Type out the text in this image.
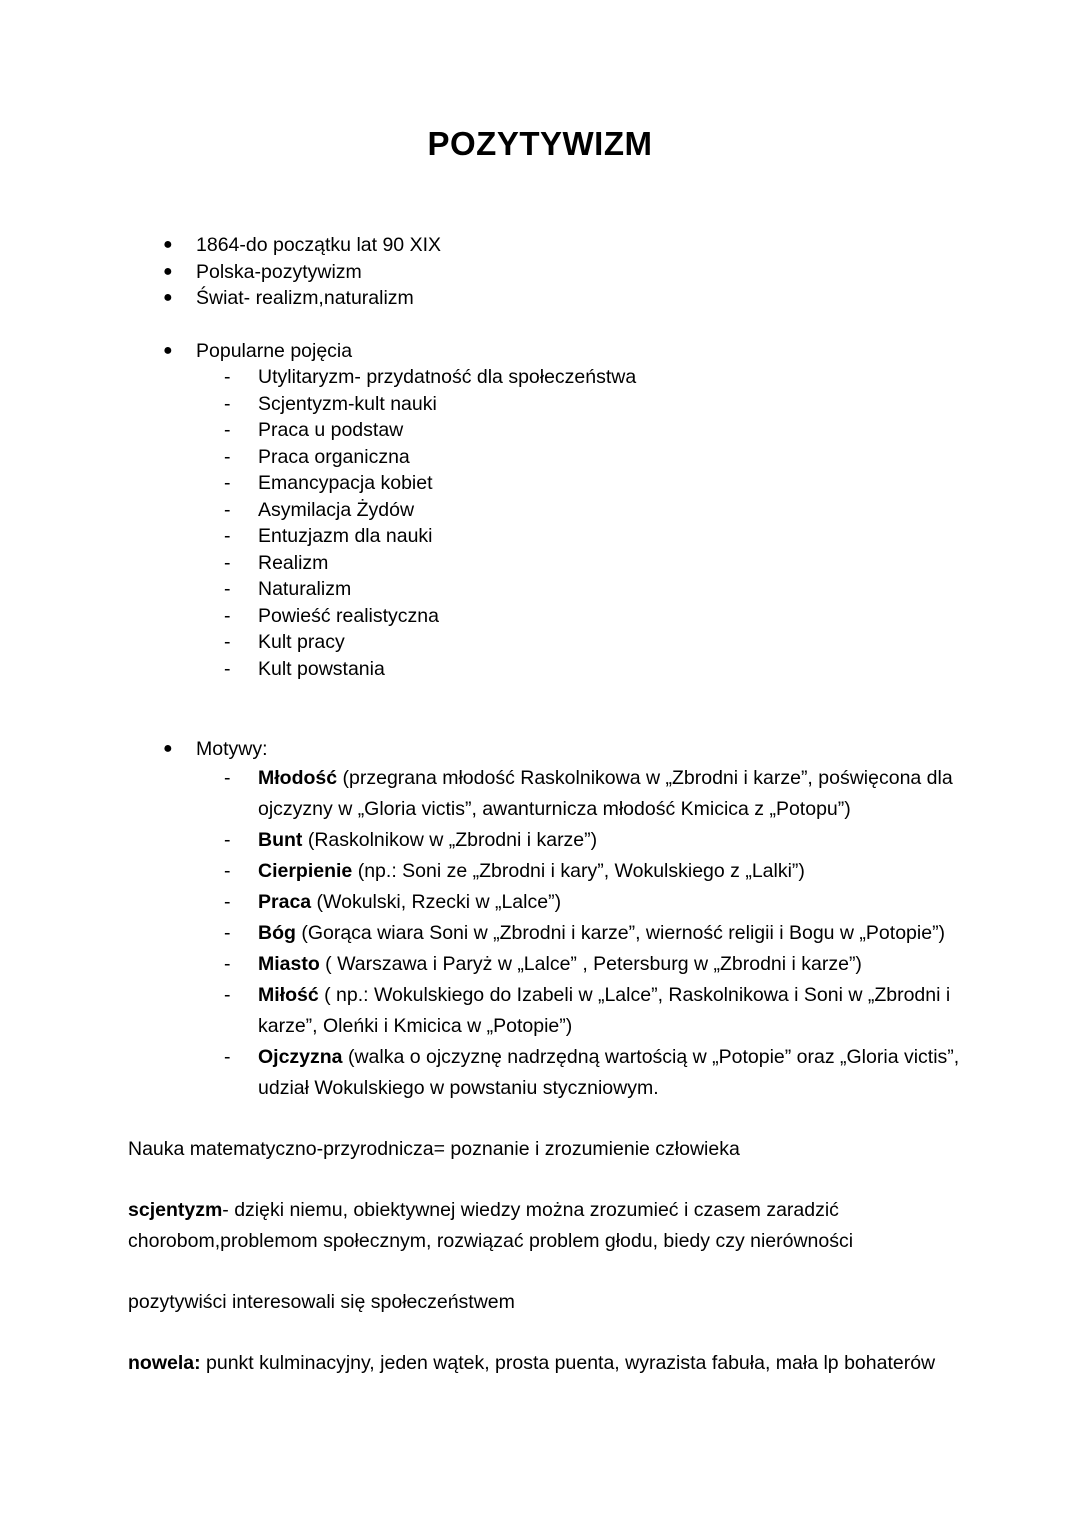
POZYTYWIZM
● 1864-do początku lat 90 XIX
● Polska-pozytywizm
● Świat- realizm,naturalizm
● Popularne pojęcia
- Utylitaryzm- przydatność dla społeczeństwa
- Scjentyzm-kult nauki
- Praca u podstaw
- Praca organiczna
- Emancypacja kobiet
- Asymilacja Żydów
- Entuzjazm dla nauki
- Realizm
- Naturalizm
- Powieść realistyczna
- Kult pracy
- Kult powstania
● Motywy:
- Młodość (przegrana młodość Raskolnikowa w „Zbrodni i karze”, poświęcona dla ojczyzny w „Gloria victis”, awanturnicza młodość Kmicica z „Potopu”)
- Bunt (Raskolnikow w „Zbrodni i karze”)
- Cierpienie (np.: Soni ze „Zbrodni i kary”, Wokulskiego z „Lalki”)
- Praca (Wokulski, Rzecki w „Lalce”)
- Bóg (Gorąca wiara Soni w „Zbrodni i karze”, wierność religii i Bogu w „Potopie”)
- Miasto ( Warszawa i Paryż w „Lalce” , Petersburg w „Zbrodni i karze”)
- Miłość ( np.: Wokulskiego do Izabeli w „Lalce”, Raskolnikowa i Soni w „Zbrodni i karze”, Oleńki i Kmicica w „Potopie”)
- Ojczyzna (walka o ojczyznę nadrzędną wartością w „Potopie” oraz „Gloria victis”, udział Wokulskiego w powstaniu styczniowym.

Nauka matematyczno-przyrodnicza= poznanie i zrozumienie człowieka

scjentyzm- dzięki niemu, obiektywnej wiedzy można zrozumieć i czasem zaradzić chorobom,problemom społecznym, rozwiązać problem głodu, biedy czy nierówności

pozytywiści interesowali się społeczeństwem

nowela: punkt kulminacyjny, jeden wątek, prosta puenta, wyrazista fabuła, mała lp bohaterów
